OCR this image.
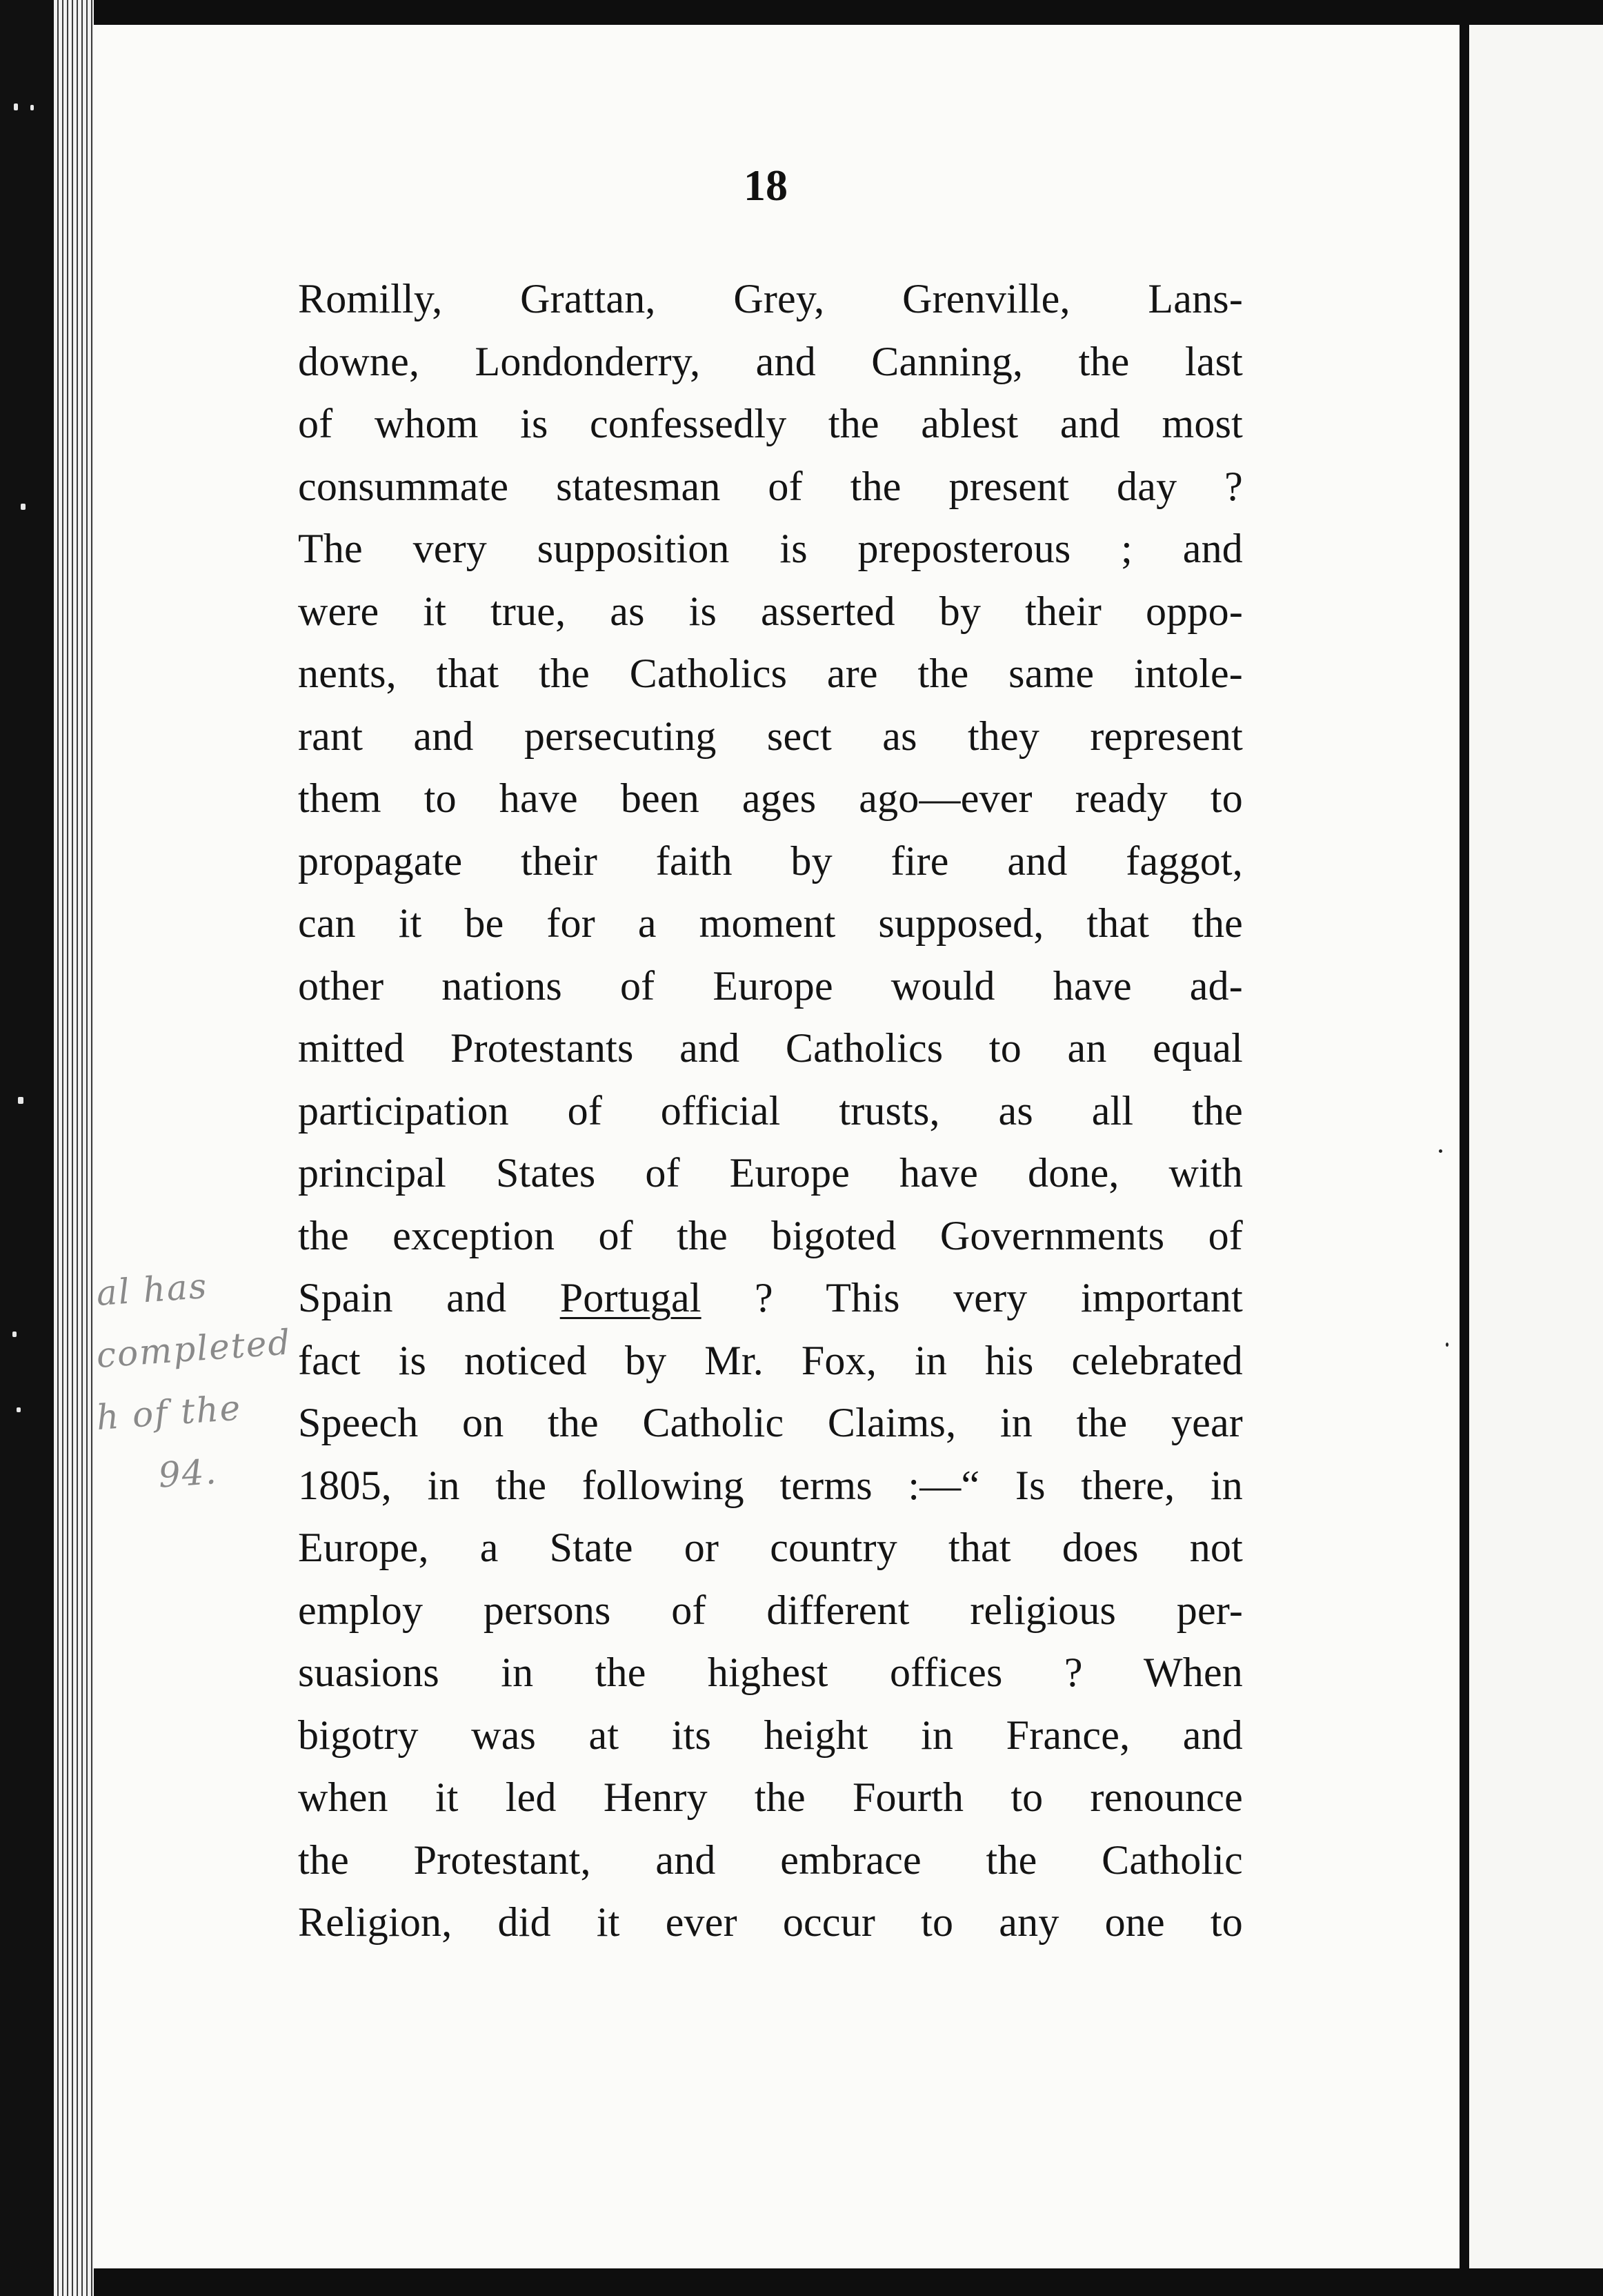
18
Romilly, Grattan, Grey, Grenville, Lans-
downe, Londonderry, and Canning, the last
of whom is confessedly the ablest and most
consummate statesman of the present day ?
The very supposition is preposterous ; and
were it true, as is asserted by their oppo-
nents, that the Catholics are the same intole-
rant and persecuting sect as they represent
them to have been ages ago—ever ready to
propagate their faith by fire and faggot,
can it be for a moment supposed, that the
other nations of Europe would have ad-
mitted Protestants and Catholics to an equal
participation of official trusts, as all the
principal States of Europe have done, with
the exception of the bigoted Governments of
Spain and Portugal ? This very important
fact is noticed by Mr. Fox, in his celebrated
Speech on the Catholic Claims, in the year
1805, in the following terms :—“ Is there, in
Europe, a State or country that does not
employ persons of different religious per-
suasions in the highest offices ? When
bigotry was at its height in France, and
when it led Henry the Fourth to renounce
the Protestant, and embrace the Catholic
Religion, did it ever occur to any one to
al has
completed
h of the
94.
